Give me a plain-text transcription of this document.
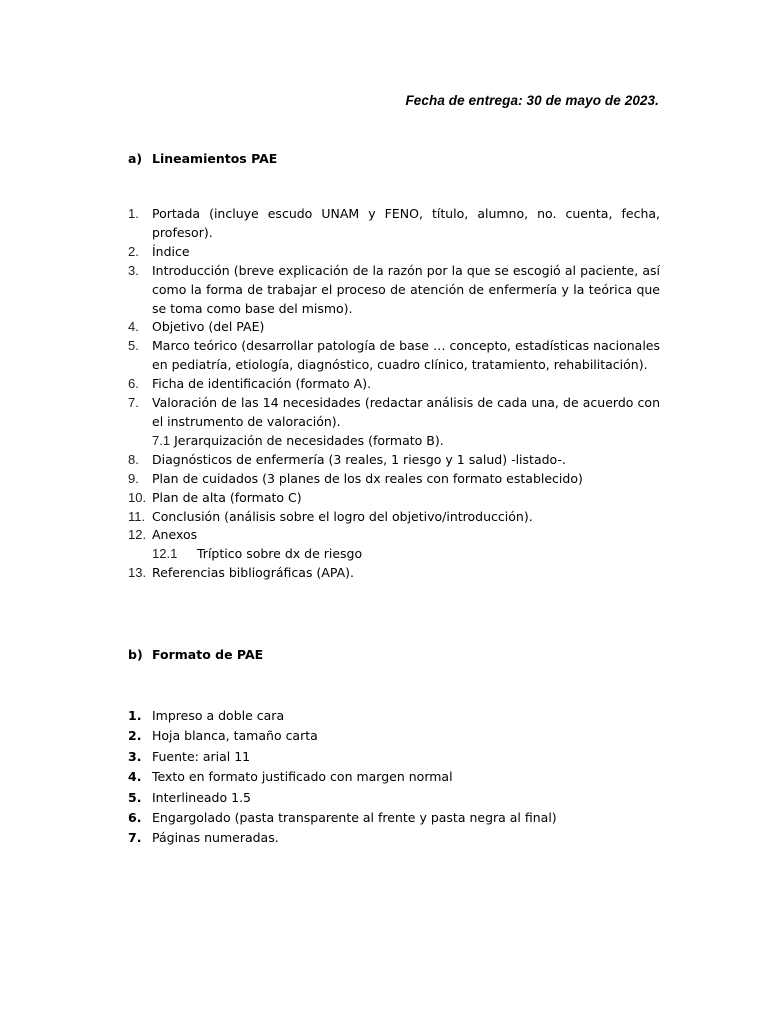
Fecha de entrega: 30 de mayo de 2023.
a) Lineamientos PAE
1.	Portada (incluye escudo UNAM y FENO, título, alumno, no. cuenta, fecha, profesor).
2.	Índice
3.	Introducción (breve explicación de la razón por la que se escogió al paciente, así como la forma de trabajar el proceso de atención de enfermería y la teórica que se toma como base del mismo).
4.	Objetivo (del PAE)
5.	Marco teórico (desarrollar patología de base … concepto, estadísticas nacionales en pediatría, etiología, diagnóstico, cuadro clínico, tratamiento, rehabilitación).
6.	Ficha de identificación (formato A).
7.	Valoración de las 14 necesidades (redactar análisis de cada una, de acuerdo con el instrumento de valoración).
7.1
Jerarquización de necesidades (formato B).
8.	Diagnósticos de enfermería (3 reales, 1 riesgo y 1 salud) -listado-.
9.	Plan de cuidados (3 planes de los dx reales con formato establecido)
10. Plan de alta (formato C)
11. Conclusión (análisis sobre el logro del objetivo/introducción).
12. Anexos
12.1	Tríptico sobre dx de riesgo
13. Referencias bibliográficas (APA).
b) Formato de PAE
1. Impreso a doble cara
2. Hoja blanca, tamaño carta
3. Fuente: arial 11
4. Texto en formato justificado con margen normal
5. Interlineado 1.5
6. Engargolado (pasta transparente al frente y pasta negra al final)
7. Páginas numeradas.
